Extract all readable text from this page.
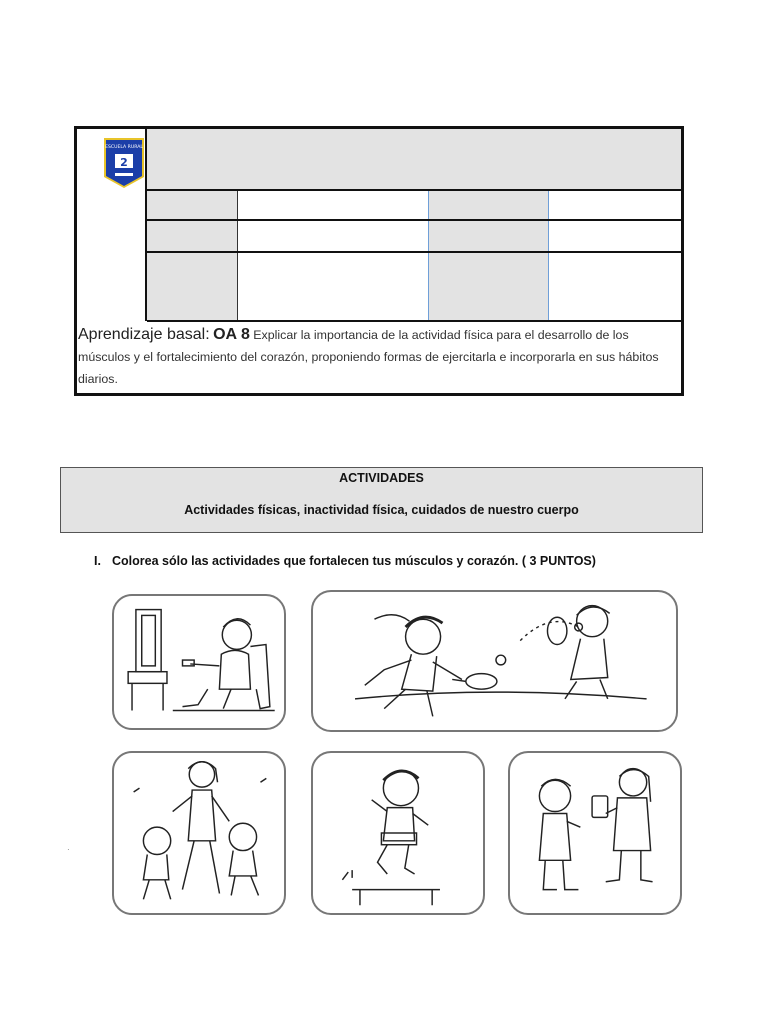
ESCUELA RURAL
2
Aprendizaje basal: OA 8 Explicar la importancia de la actividad física para el desarrollo de los músculos y el fortalecimiento del corazón, proponiendo formas de ejercitarla e incorporarla en sus hábitos diarios.
ACTIVIDADES
Actividades físicas, inactividad física, cuidados de nuestro cuerpo
I. Colorea sólo las actividades que fortalecen tus músculos y corazón. ( 3 PUNTOS)
·
